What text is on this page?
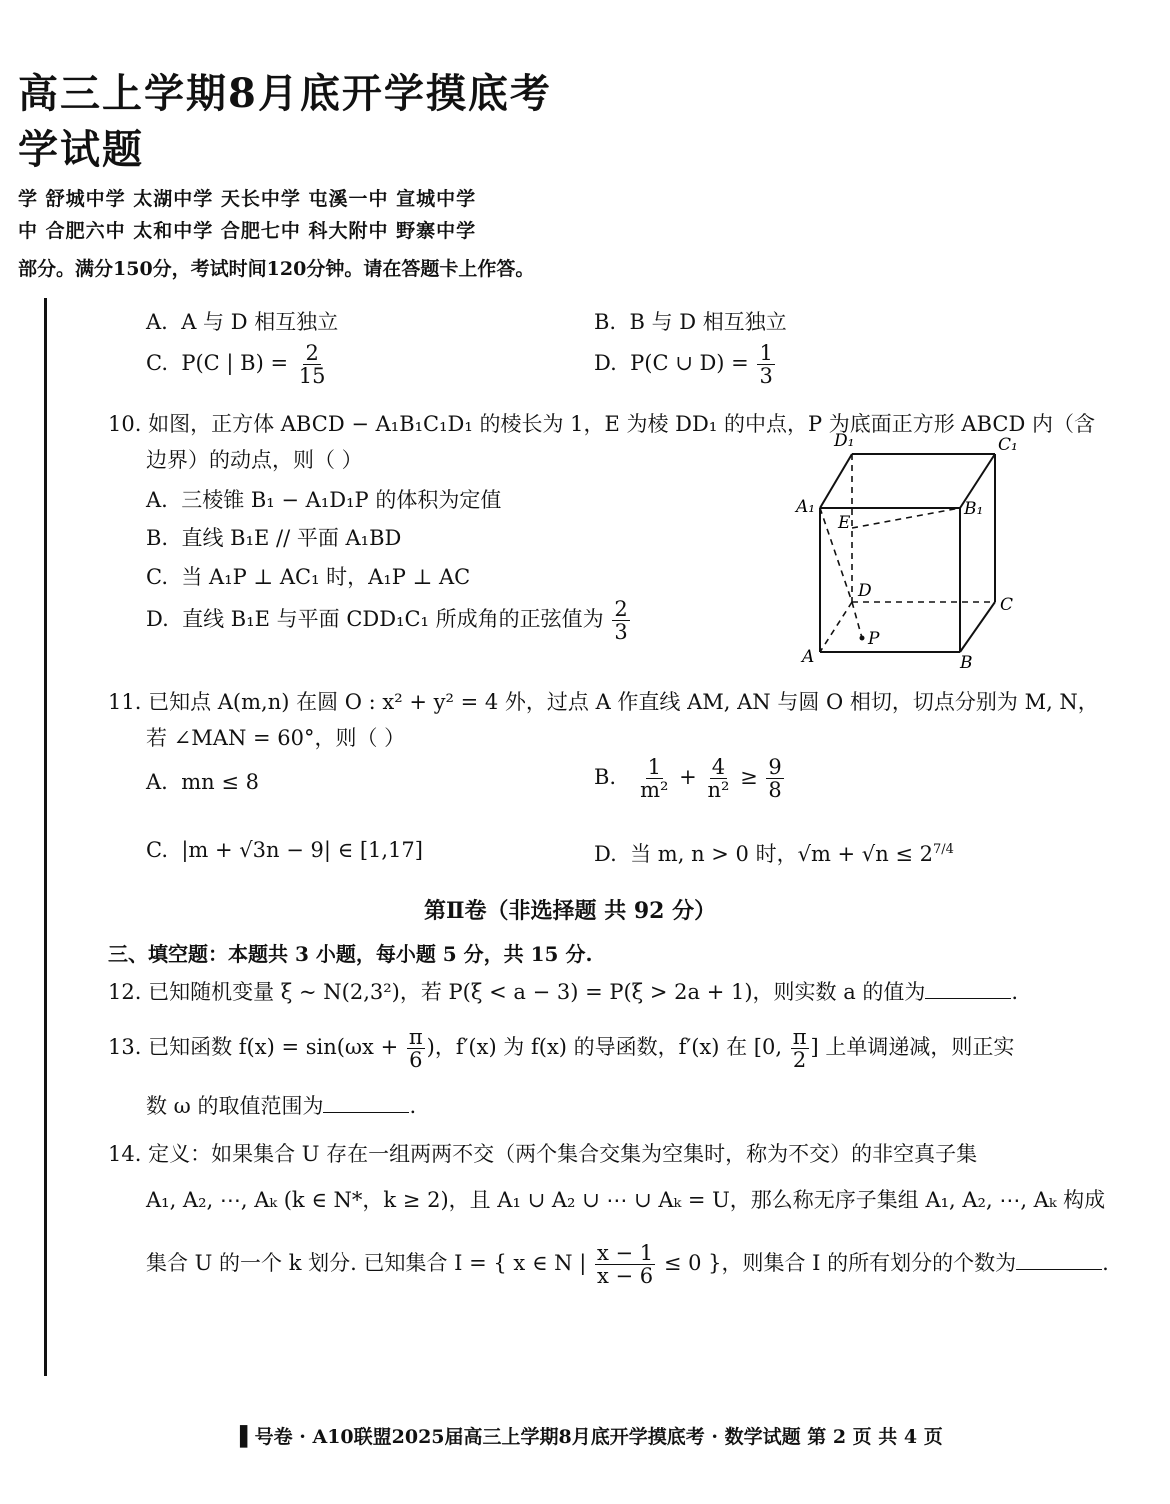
高三上学期8月底开学摸底考
学试题
学 舒城中学 太湖中学 天长中学 屯溪一中 宣城中学
中 合肥六中 太和中学 合肥七中 科大附中 野寨中学
部分。满分150分，考试时间120分钟。请在答题卡上作答。
A. A 与 D 相互独立	B. B 与 D 相互独立
C. P(C | $B) = \frac{2}{15}$	D. P(C ∪ $D) = \frac{1}{3}$
10. 如图，正方体 ABCD − A₁B₁C₁D₁ 的棱长为 1，E 为棱 DD₁ 的中点，P 为底面正方形 ABCD 内（含
边界）的动点，则（ ）
A. 三棱锥 B₁ − A₁D₁P 的体积为定值
B. 直线 B₁E // 平面 A₁BD
C. 当 A₁P ⊥ AC₁ 时，A₁P ⊥ AC
D. 直线 B₁E 与平面 CDD₁C₁ 所成角的正弦值为 $\frac{2}{3}$
D₁	C₁
A₁	B₁
E
D
C
P
A	B
11. 已知点 A(m,n) 在圆 O : x² + y² = 4 外，过点 A 作直线 AM, AN 与圆 O 相切，切点分别为 M, N，
若 ∠MAN = 60°，则（ ）
A. mn ≤ 8	B. $\frac{1}{\text{m²}} + \frac{4}{\text{n²}} \ge \frac{9}{8}$
C. |m + √3n − 9| ∈ [1,17]	D. 当 m, n > 0 时，$√m + √n \le 2^{7/4}$
第Ⅱ卷（非选择题 共 92 分）
三、填空题：本题共 3 小题，每小题 5 分，共 15 分.
12. 已知随机变量 ξ ~ N(2,3²)，若 P(ξ < a − 3) = P(ξ > 2a + 1)，则实数 a 的值为	.
13. 已知函数 $f(x) = \sin(\omega x + \frac{\pi}{6}$ )，f′(x) 为 f(x) 的导函数，f′(x) 在 [0, $\frac{\pi}{2}$ ] 上单调递减，则正实
数 ω 的取值范围为	.
14. 定义：如果集合 U 存在一组两两不交（两个集合交集为空集时，称为不交）的非空真子集
A₁, A₂, ⋯, Aₖ (k ∈ N*，k ≥ 2)，且 A₁ ∪ A₂ ∪ ⋯ ∪ Aₖ = U，那么称无序子集组 A₁, A₂, ⋯, Aₖ 构成
集合 U 的一个 k 划分. 已知集合 I = { x ∈ N | $\frac{x - 1}{x - 6} \le 0$ }，则集合 I 的所有划分的个数为	.
▌号卷 · A10联盟2025届高三上学期8月底开学摸底考 · 数学试题 第 2 页 共 4 页
